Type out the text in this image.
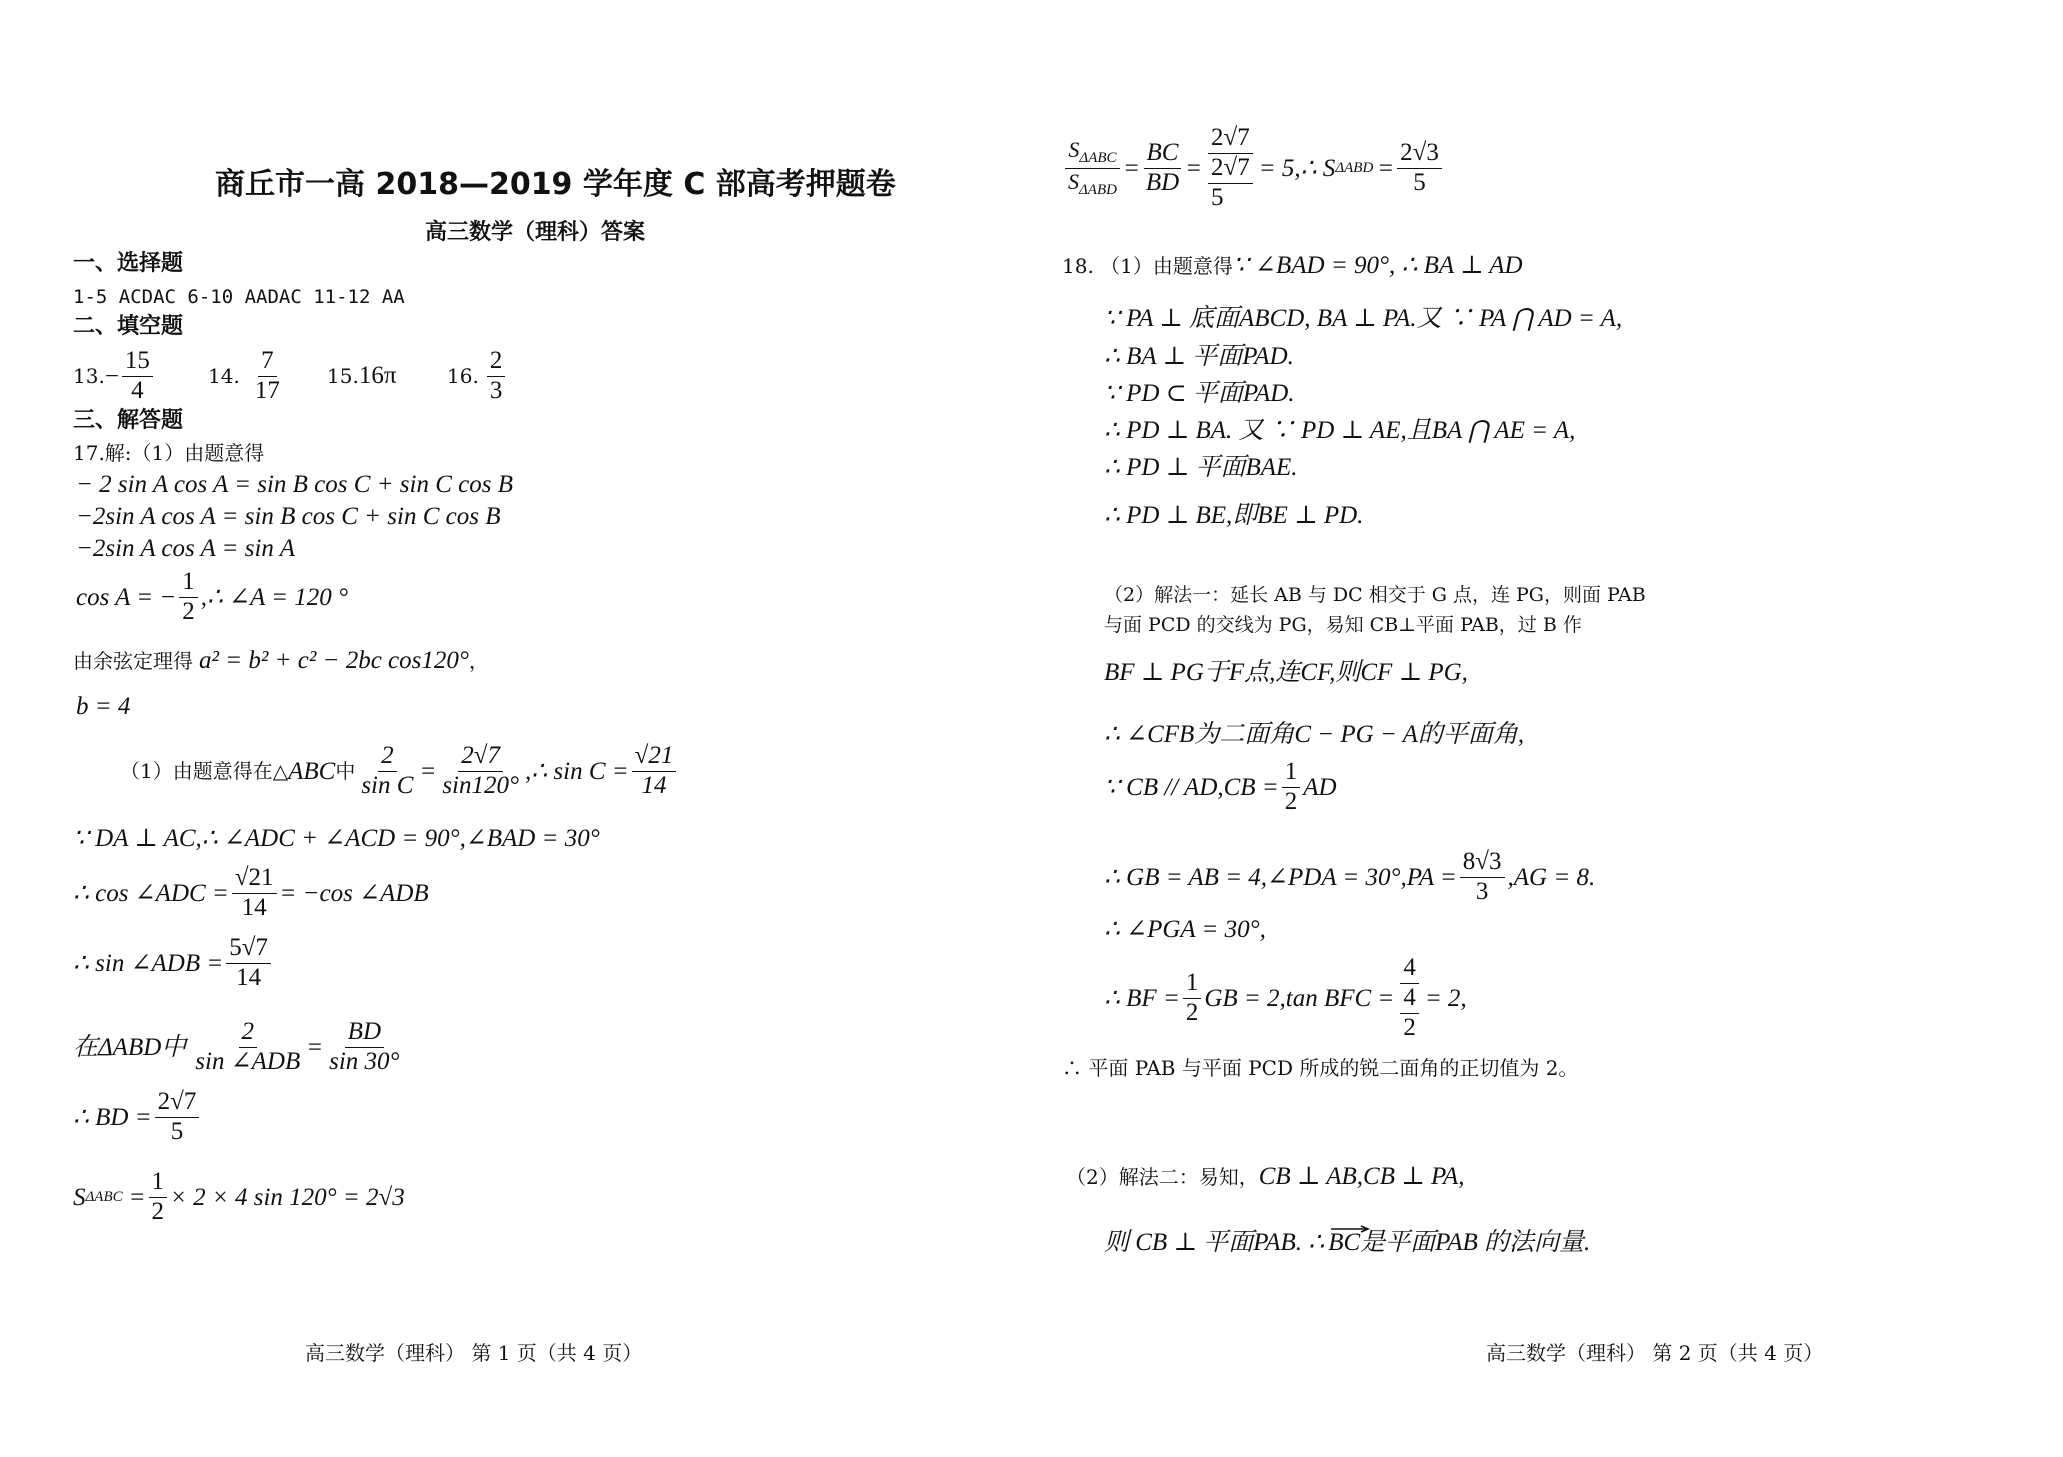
商丘市一高 2018—2019 学年度 C 部高考押题卷
高三数学（理科）答案
一、选择题
1-5 ACDAC 6-10 AADAC 11-12 AA
二、填空题
13. − $\frac{15}{4}$	14. $\frac{7}{17} 15$. 16π	16. $\frac{2}{3}$
三、解答题
17.解:（1）由题意得
− 2 sin A cos A = sin B cos C + sin C cos B
−2sin A cos A = sin B cos C + sin C cos B
−2sin A cos A = sin A
cos A = − $\frac{1}{2}$ ,∴ ∠A = 120 °
由余弦定理得 a² = b² + c² − 2bc cos120° ，
b = 4
（1）由题意得在△ ABC 中 $\frac{2}{\text{sin C}} = \frac{2√7}{\sin 120^\circ}$ ,∴ $\sin C = \frac{√21}{14}$
∵ DA ⊥ AC,∴ ∠ADC + ∠ACD = 90°,∠BAD = 30°
∴ cos ∠ADC = $\frac{√21}{14} = -\cos$ ∠ADB
∴ sin ∠ADB = $\frac{5√7}{14}$
在ΔABD中 $\frac{2}{\text{sin ∠ADB}} = \frac{BD}{\sin 30^\circ}$
∴ BD = $\frac{2√7}{5}$
S $\Delta ABC = \frac{1}{2} \times 2 \times 4$ sin 120° = 2√3
高三数学（理科） 第 1 页（共 4 页）
$\frac{S_{\Delta ABC}}{S_{\Delta ABD}} = \frac{BC}{BD} = \frac{2√7}{\frac{2√7}{5}}$ = 5,∴ S $\Delta ABD = \frac{2√3}{5}$
18. （1）由题意得 ∵ ∠BAD = 90°, ∴ BA ⊥ AD
∵ PA ⊥ 底面ABCD, BA ⊥ PA.又 ∵ PA ⋂ AD = A,
∴ BA ⊥ 平面PAD.
∵ PD ⊂ 平面PAD.
∴ PD ⊥ BA. 又 ∵ PD ⊥ AE,且BA ⋂ AE = A,
∴ PD ⊥ 平面BAE.
∴ PD ⊥ BE,即BE ⊥ PD.
（2）解法一：延长 AB 与 DC 相交于 G 点，连 PG，则面 PAB
与面 PCD 的交线为 PG，易知 CB⊥平面 PAB，过 B 作
BF ⊥ PG于F点,连CF,则CF ⊥ PG,
∴ ∠CFB为二面角C − PG − A的平面角,
∵ CB // $AD,CB = \frac{1}{2}$ AD
∴ GB = AB = 4,∠PDA = $30^\circ,PA = \frac{8√3}{3} ,AG = 8$.
∴ ∠PGA = 30°,
∴ BF = $\frac{1}{2}$ GB = 2,tan BFC = $\frac{4}{\frac{4}{2}} = 2$,
∴ 平面 PAB 与平面 PCD 所成的锐二面角的正切值为 2。
（2）解法二：易知， CB ⊥ AB,CB ⊥ PA,
则 CB ⊥ 平面PAB. ∴ BC 是平面PAB 的法向量.
高三数学（理科） 第 2 页（共 4 页）
